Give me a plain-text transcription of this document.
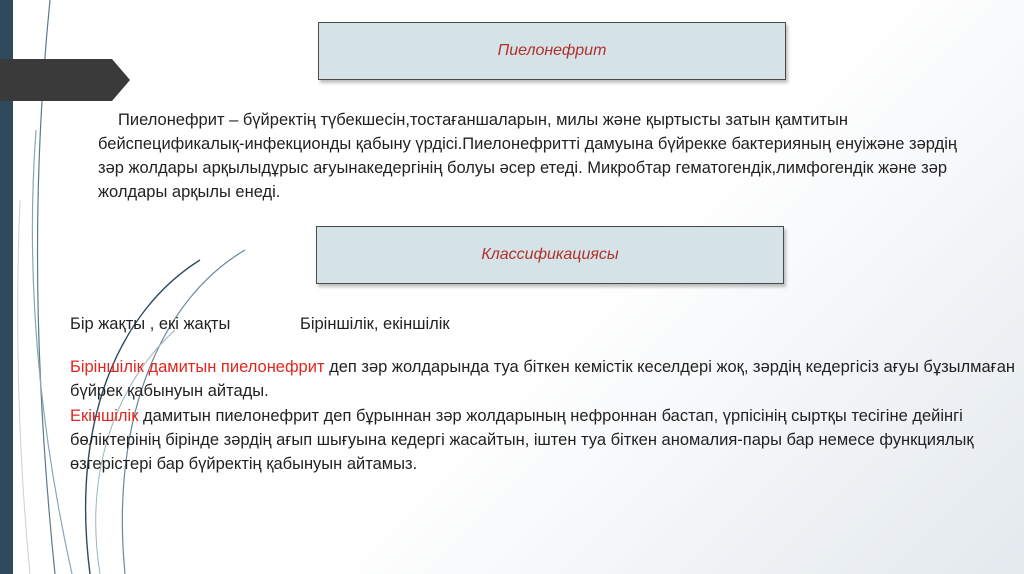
Пиелонефрит

Пиелонефрит – бүйректің түбекшесін,тостағаншаларын, милы және қыртысты затын қамтитын бейспецификалық-инфекционды қабыну үрдісі.Пиелонефритті дамуына бүйрекке бактерияның енуіжәне зәрдің зәр жолдары арқылыдұрыс ағуынакедергінің болуы әсер етеді. Микробтар гематогендік,лимфогендік және зәр жолдары арқылы енеді.

Классификациясы

Бір жақты , екі жақты	Біріншілік, екіншілік

Біріншілік дамитын пиелонефрит деп зәр жолдарында туа біткен кемістік кеселдері жоқ, зәрдің кедергісіз ағуы бұзылмаған бүйрек қабынуын айтады.

Екіншілік дамитын пиелонефрит деп бұрыннан зәр жолдарының нефроннан бастап, үрпісінің сыртқы тесігіне дейінгі бөліктерінің бірінде зәрдің ағып шығуына кедергі жасайтын, іштен туа біткен аномалия-пары бар немесе функциялық өзгерістері бар бүйректің қабынуын айтамыз.
